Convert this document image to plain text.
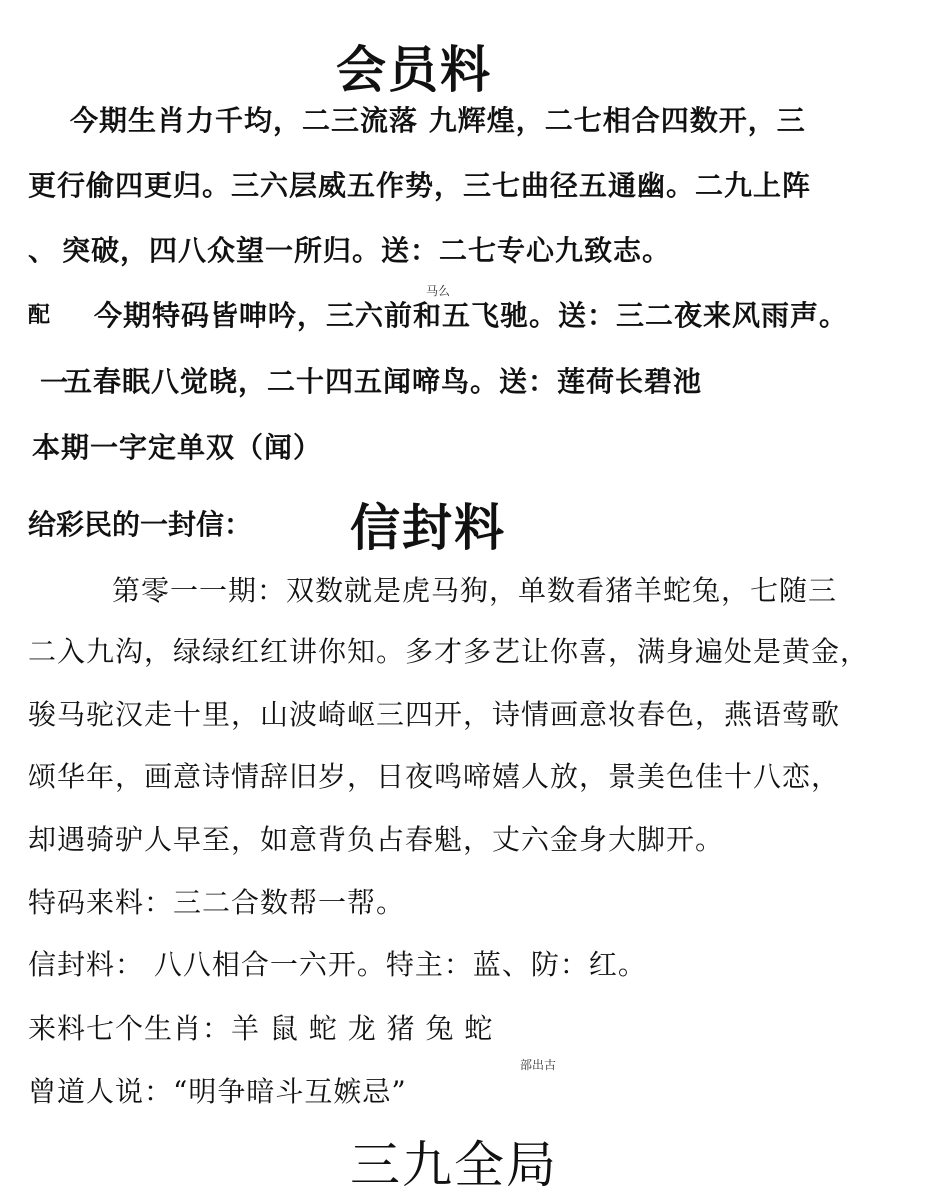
会员料
今期生肖力千均，二三流落 九辉煌，二七相合四数开，三
更行偷四更归。三六层威五作势，三七曲径五通幽。二九上阵
、 突破，四八众望一所归。送：二七专心九致志。
马么
配 今期特码皆呻吟，三六前和五飞驰。送：三二夜来风雨声。
一
五春眠八觉晓，二十四五闻啼鸟。送：莲荷长碧池
本期一字定单双（闻）
给彩民的一封信： 信封料
第零一一期：双数就是虎马狗，单数看猪羊蛇兔，七随三
二入九沟，绿绿红红讲你知。多才多艺让你喜，满身遍处是黄金，
骏马驼汉走十里，山波崎岖三四开，诗情画意妆春色，燕语莺歌
颂华年，画意诗情辞旧岁，日夜鸣啼嬉人放，景美色佳十八恋，
却遇骑驴人早至，如意背负占春魁，丈六金身大脚开。
特码来料：三二合数帮一帮。
信封料： 八八相合一六开。特主：蓝、防：红。
来料七个生肖：羊 鼠 蛇 龙 猪 兔 蛇
部出古
曾道人说：“明争暗斗互嫉忌”
三九全局
